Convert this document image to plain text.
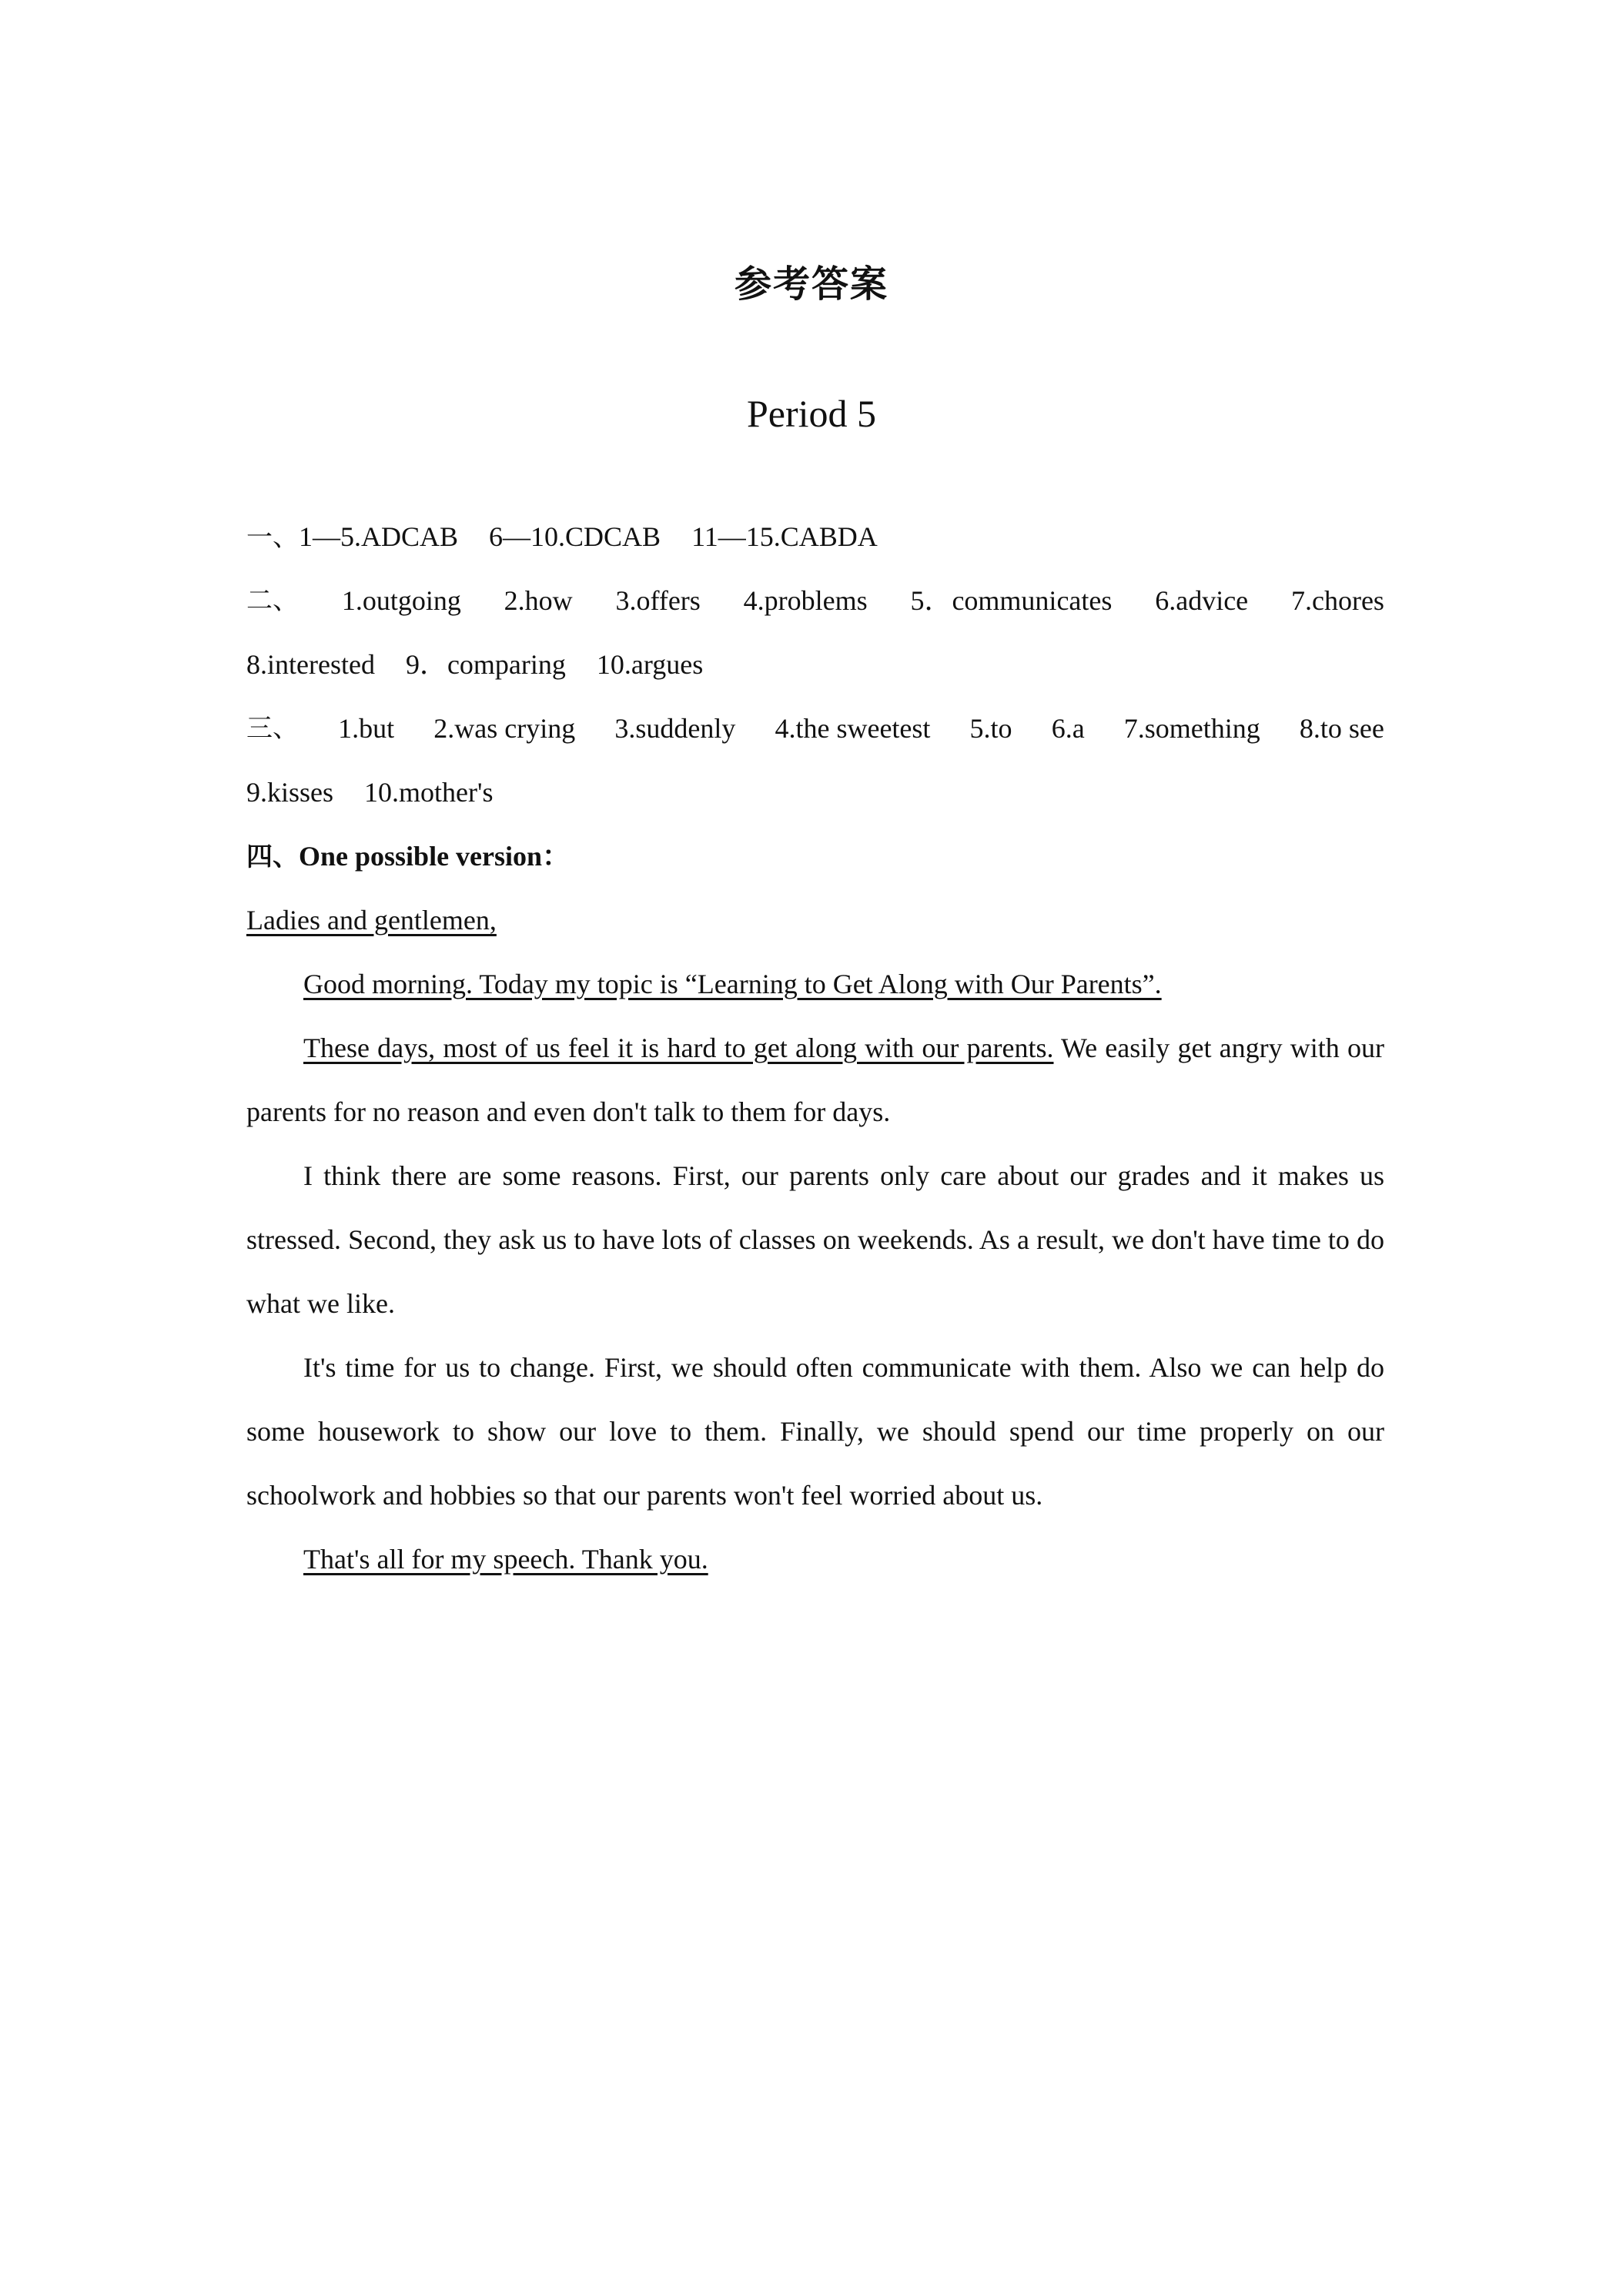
参考答案
Period 5
一、1—5.ADCAB 6—10.CDCAB 11—15.CABDA
二、 1.outgoing 2.how 3.offers 4.problems 5．communicates 6.advice 7.chores
8.interested 9．comparing 10.argues
三、 1.but 2.was crying 3.suddenly 4.the sweetest 5.to 6.a 7.something 8.to see
9.kisses 10.mother's
四、One possible version：
Ladies and gentlemen,
Good morning. Today my topic is “Learning to Get Along with Our Parents”.
These days, most of us feel it is hard to get along with our parents. We easily get angry with our parents for no reason and even don't talk to them for days.
I think there are some reasons. First, our parents only care about our grades and it makes us stressed. Second, they ask us to have lots of classes on weekends. As a result, we don't have time to do what we like.
It's time for us to change. First, we should often communicate with them. Also we can help do some housework to show our love to them. Finally, we should spend our time properly on our schoolwork and hobbies so that our parents won't feel worried about us.
That's all for my speech. Thank you.
